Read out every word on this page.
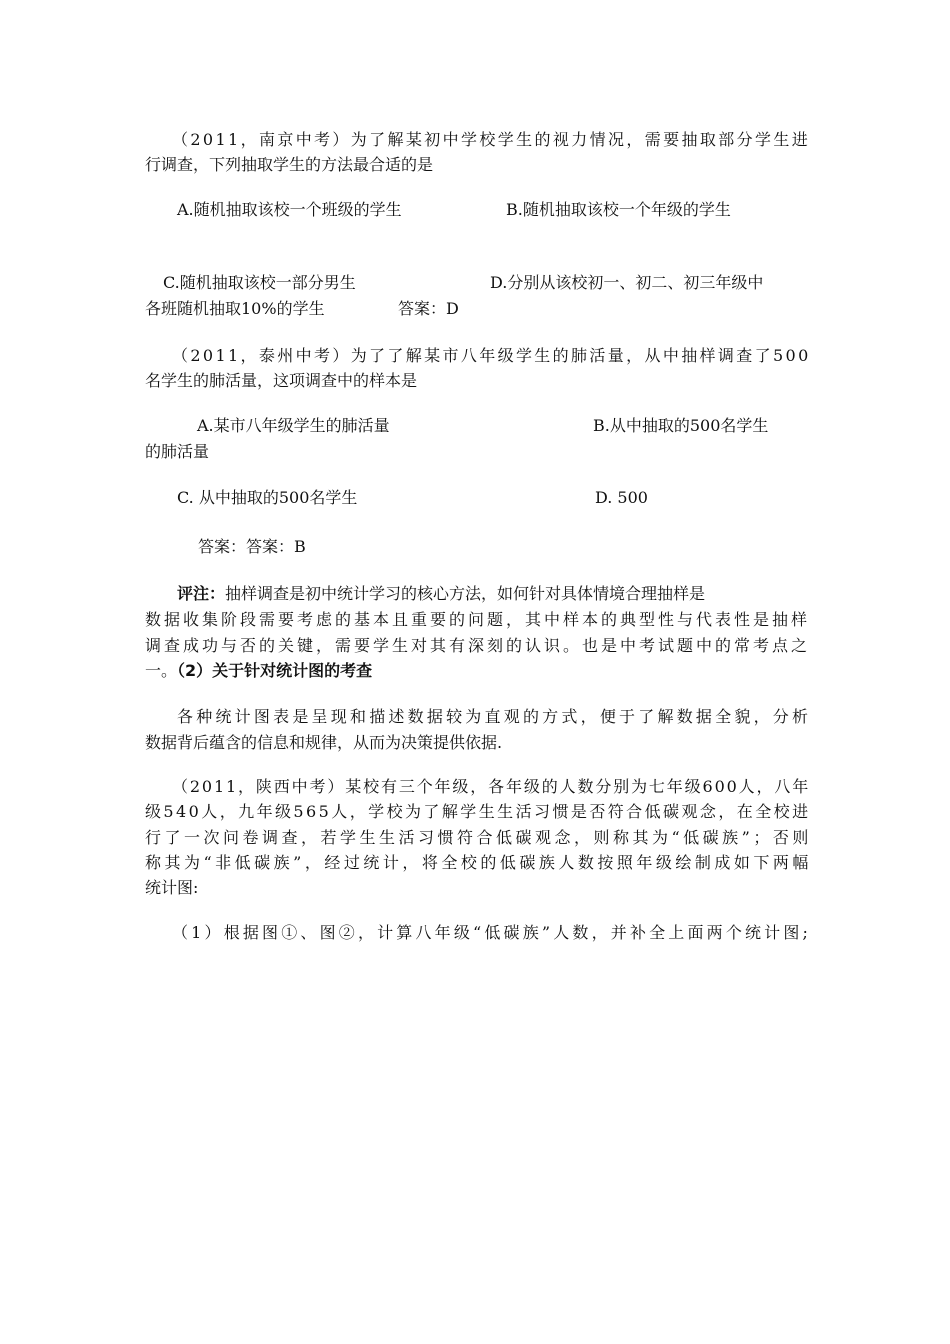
（2011，南京中考）为了解某初中学校学生的视力情况，需要抽取部分学生进
行调查，下列抽取学生的方法最合适的是
A.随机抽取该校一个班级的学生	B.随机抽取该校一个年级的学生
C.随机抽取该校一部分男生	D.分别从该校初一、初二、初三年级中
各班随机抽取10%的学生	答案：D
（2011，泰州中考）为了了解某市八年级学生的肺活量，从中抽样调查了500
名学生的肺活量，这项调查中的样本是
A.某市八年级学生的肺活量	B.从中抽取的500名学生
的肺活量
C. 从中抽取的500名学生	D. 500
答案：答案：B
评注：抽样调查是初中统计学习的核心方法，如何针对具体情境合理抽样是
数据收集阶段需要考虑的基本且重要的问题，其中样本的典型性与代表性是抽样
调查成功与否的关键，需要学生对其有深刻的认识。也是中考试题中的常考点之
一。（2）关于针对统计图的考查
各种统计图表是呈现和描述数据较为直观的方式，便于了解数据全貌，分析
数据背后蕴含的信息和规律，从而为决策提供依据.
（2011，陕西中考）某校有三个年级，各年级的人数分别为七年级600人，八年
级540人，九年级565人，学校为了解学生生活习惯是否符合低碳观念，在全校进
行了一次问卷调查，若学生生活习惯符合低碳观念，则称其为“低碳族”；否则
称其为“非低碳族”，经过统计，将全校的低碳族人数按照年级绘制成如下两幅
统计图:
（1）根据图①、图②，计算八年级“低碳族”人数，并补全上面两个统计图;
